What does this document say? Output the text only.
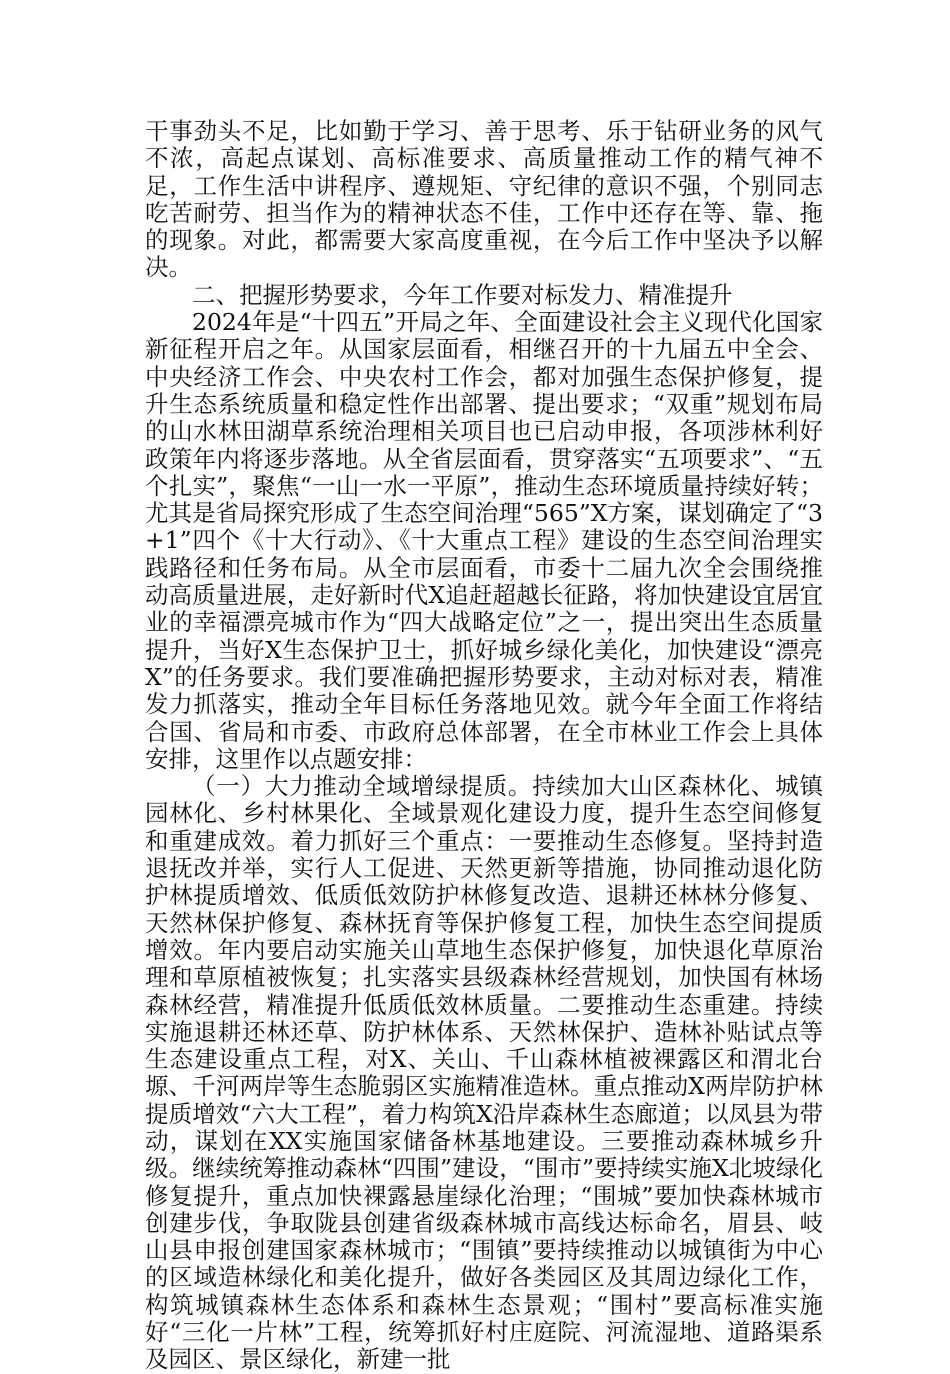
干事劲头不足，比如勤于学习、善于思考、乐于钻研业务的风气不浓，高起点谋划、高标准要求、高质量推动工作的精气神不足，工作生活中讲程序、遵规矩、守纪律的意识不强，个别同志吃苦耐劳、担当作为的精神状态不佳，工作中还存在等、靠、拖的现象。对此，都需要大家高度重视，在今后工作中坚决予以解决。

二、把握形势要求，今年工作要对标发力、精准提升

2024年是“十四五”开局之年、全面建设社会主义现代化国家新征程开启之年。从国家层面看，相继召开的十九届五中全会、中央经济工作会、中央农村工作会，都对加强生态保护修复，提升生态系统质量和稳定性作出部署、提出要求；“双重”规划布局的山水林田湖草系统治理相关项目也已启动申报，各项涉林利好政策年内将逐步落地。从全省层面看，贯穿落实“五项要求”、“五个扎实”，聚焦“一山一水一平原”，推动生态环境质量持续好转；尤其是省局探究形成了生态空间治理“565”X方案，谋划确定了“3+1”四个《十大行动》、《十大重点工程》建设的生态空间治理实践路径和任务布局。从全市层面看，市委十二届九次全会围绕推动高质量进展，走好新时代X追赶超越长征路，将加快建设宜居宜业的幸福漂亮城市作为“四大战略定位”之一，提出突出生态质量提升，当好X生态保护卫士，抓好城乡绿化美化，加快建设“漂亮X”的任务要求。我们要准确把握形势要求，主动对标对表，精准发力抓落实，推动全年目标任务落地见效。就今年全面工作将结合国、省局和市委、市政府总体部署，在全市林业工作会上具体安排，这里作以点题安排：

（一）大力推动全域增绿提质。持续加大山区森林化、城镇园林化、乡村林果化、全域景观化建设力度，提升生态空间修复和重建成效。着力抓好三个重点：一要推动生态修复。坚持封造退抚改并举，实行人工促进、天然更新等措施，协同推动退化防护林提质增效、低质低效防护林修复改造、退耕还林林分修复、天然林保护修复、森林抚育等保护修复工程，加快生态空间提质增效。年内要启动实施关山草地生态保护修复，加快退化草原治理和草原植被恢复；扎实落实县级森林经营规划，加快国有林场森林经营，精准提升低质低效林质量。二要推动生态重建。持续实施退耕还林还草、防护林体系、天然林保护、造林补贴试点等生态建设重点工程，对X、关山、千山森林植被裸露区和渭北台塬、千河两岸等生态脆弱区实施精准造林。重点推动X两岸防护林提质增效“六大工程”，着力构筑X沿岸森林生态廊道；以凤县为带动，谋划在XX实施国家储备林基地建设。三要推动森林城乡升级。继续统筹推动森林“四围”建设，“围市”要持续实施X北坡绿化修复提升，重点加快裸露悬崖绿化治理；“围城”要加快森林城市创建步伐，争取陇县创建省级森林城市高线达标命名，眉县、岐山县申报创建国家森林城市；“围镇”要持续推动以城镇街为中心的区域造林绿化和美化提升，做好各类园区及其周边绿化工作，构筑城镇森林生态体系和森林生态景观；“围村”要高标准实施好“三化一片林”工程，统筹抓好村庄庭院、河流湿地、道路渠系及园区、景区绿化，新建一批
